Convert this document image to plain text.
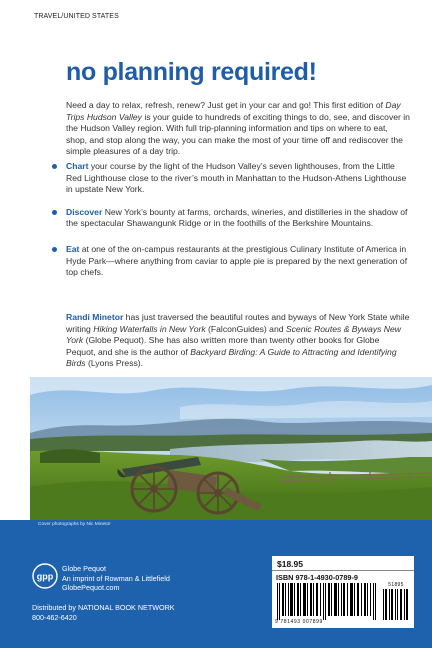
TRAVEL/UNITED STATES
no planning required!

Need a day to relax, refresh, renew? Just get in your car and go! This first edition of Day Trips Hudson Valley is your guide to hundreds of exciting things to do, see, and discover in the Hudson Valley region. With full trip-planning information and tips on where to eat, shop, and stop along the way, you can make the most of your time off and rediscover the simple pleasures of a day trip.

Chart your course by the light of the Hudson Valley’s seven lighthouses, from the Little Red Lighthouse close to the river’s mouth in Manhattan to the Hudson-Athens Lighthouse in upstate New York.
Discover New York’s bounty at farms, orchards, wineries, and distilleries in the shadow of the spectacular Shawangunk Ridge or in the foothills of the Berkshire Mountains.
Eat at one of the on-campus restaurants at the prestigious Culinary Institute of America in Hyde Park—where anything from caviar to apple pie is prepared by the next generation of top chefs.

Randi Minetor has just traversed the beautiful routes and byways of New York State while writing Hiking Waterfalls in New York (FalconGuides) and Scenic Routes & Byways New York (Globe Pequot). She has also written more than twenty other books for Globe Pequot, and she is the author of Backyard Birding: A Guide to Attracting and Identifying Birds (Lyons Press).

Cover photographs by Nic Minetor
gpp
Globe Pequot
An imprint of Rowman & Littlefield
GlobePequot.com
Distributed by NATIONAL BOOK NETWORK
800-462-6420
$18.95
ISBN 978-1-4930-0789-9
51895
9 781493 007899
